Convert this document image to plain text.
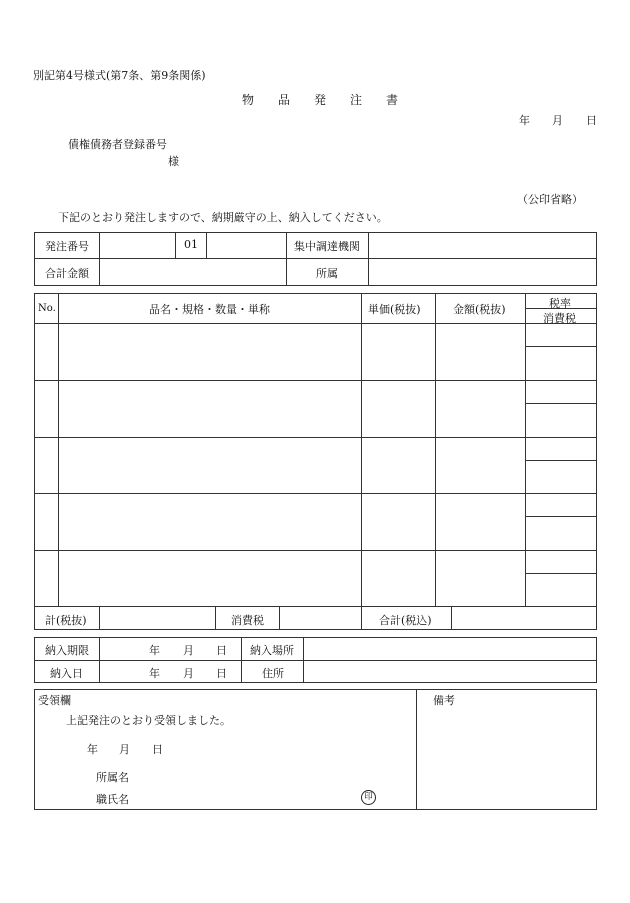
別記第4号様式(第7条、第9条関係)
物　　品　　発　　注　　書
年 月 日
債権債務者登録番号
様
（公印省略）
下記のとおり発注しますので、納期厳守の上、納入してください。
発注番号	01	集中調達機関
合計金額	所属
No.	品名・規格・数量・単称	単価(税抜)	金額(税抜)	税率
消費税
計(税抜)	消費税	合計(税込)
納入期限	年 月 日 納入場所
納入日	年 月 日	住所
受領欄
上記発注のとおり受領しました。
年 月 日
所属名
職氏名	印
備考
